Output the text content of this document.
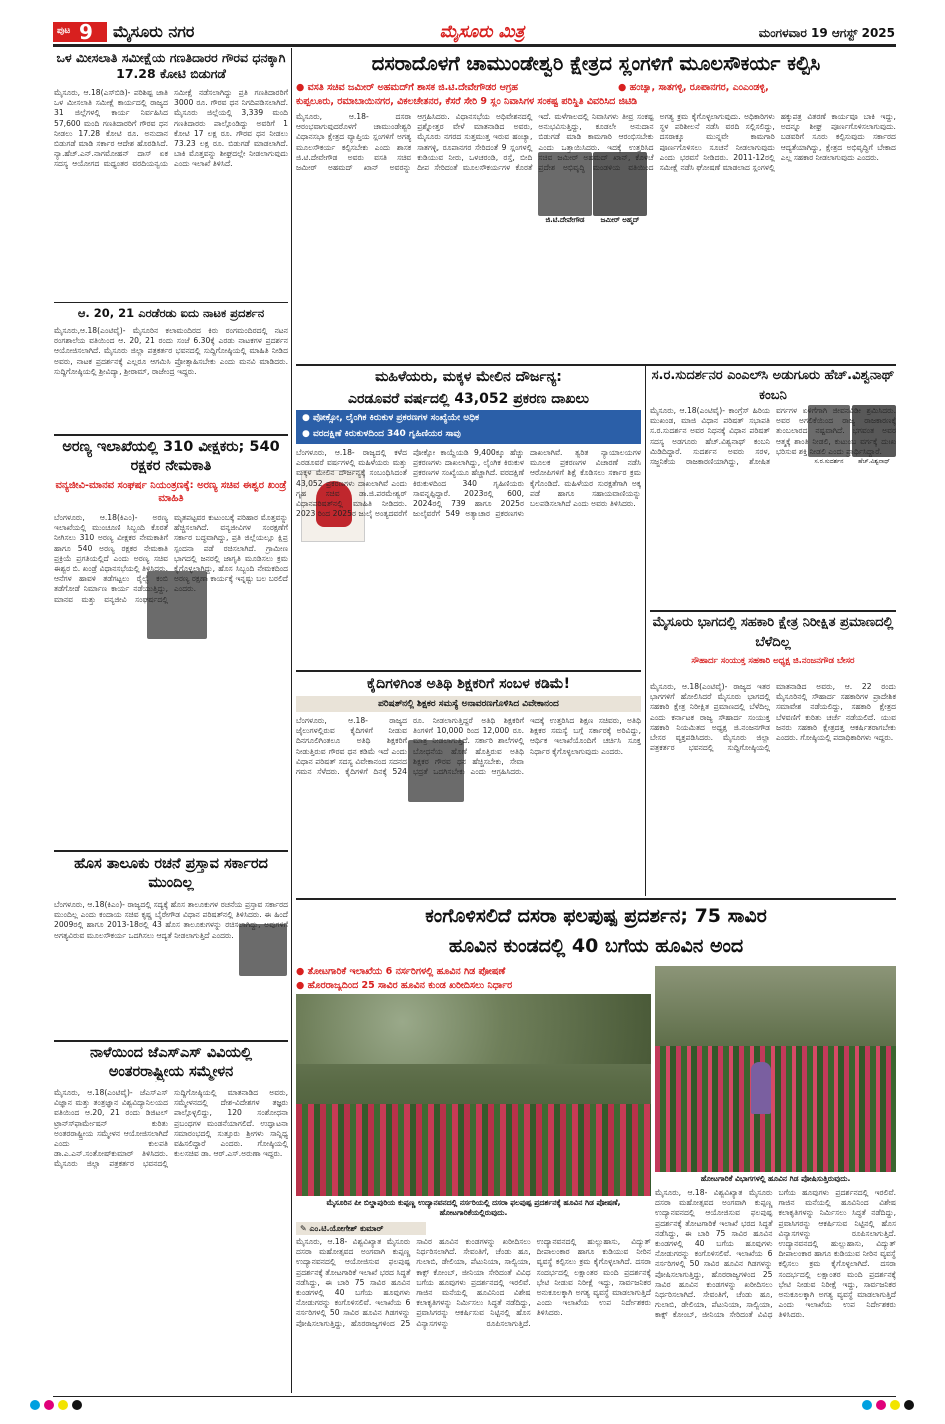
ಪುಟ 9 ಮೈಸೂರು ನಗರ	ಮೈಸೂರು ಮಿತ್ರ	ಮಂಗಳವಾರ 19 ಆಗಸ್ಟ್ 2025
ಒಳ ಮೀಸಲಾತಿ ಸಮೀಕ್ಷೆಯ ಗಣತಿದಾರರ ಗೌರವ ಧನಕ್ಕಾಗಿ 17.28 ಕೋಟಿ ಬಿಡುಗಡೆ
ಮೈಸೂರು, ಆ.18(ಎಸ್‍ಬಿಡಿ)- ಪರಿಶಿಷ್ಟ ಜಾತಿ ಒಳ ಮೀಸಲಾತಿ ಸಮೀಕ್ಷೆ ಕಾರ್ಯದಲ್ಲಿ ರಾಜ್ಯದ 31 ಜಿಲ್ಲೆಗಳಲ್ಲಿ ಕಾರ್ಯ ನಿರ್ವಹಿಸಿದ 57,600 ಮಂದಿ ಗಣತಿದಾರರಿಗೆ ಗೌರವ ಧನ ನೀಡಲು 17.28 ಕೋಟಿ ರೂ. ಅನುದಾನ ಬಿಡುಗಡೆ ಮಾಡಿ ಸರ್ಕಾರ ಆದೇಶ ಹೊರಡಿಸಿದೆ. ನ್ಯಾ.ಹೆಚ್.ಎನ್.ನಾಗಮೋಹನ್ ದಾಸ್ ಏಕ ಸದಸ್ಯ ಆಯೋಗದ ಮಧ್ಯಂತರ ವರದಿಯನ್ವಯ ಸಮೀಕ್ಷೆ ನಡೆಸಲಾಗಿದ್ದು ಪ್ರತಿ ಗಣತಿದಾರರಿಗೆ 3000 ರೂ. ಗೌರವ ಧನ ನಿಗದಿಪಡಿಸಲಾಗಿದೆ. ಮೈಸೂರು ಜಿಲ್ಲೆಯಲ್ಲಿ 3,339 ಮಂದಿ ಗಣತಿದಾರರು ಪಾಲ್ಗೊಂಡಿದ್ದು ಅವರಿಗೆ 1 ಕೋಟಿ 17 ಲಕ್ಷ ರೂ. ಗೌರವ ಧನ ನೀಡಲು 73.23 ಲಕ್ಷ ರೂ. ಬಿಡುಗಡೆ ಮಾಡಲಾಗಿದೆ. ಬಾಕಿ ಮೊತ್ತವನ್ನು ಶೀಘ್ರದಲ್ಲೇ ನೀಡಲಾಗುವುದು ಎಂದು ಇಲಾಖೆ ತಿಳಿಸಿದೆ.
ಆ. 20, 21 ಎರಡೆರಡು ಐದು ನಾಟಕ ಪ್ರದರ್ಶನ
ಮೈಸೂರು,ಆ.18(ಎಂಟಿವೈ)- ಮೈಸೂರಿನ ಕಲಾಮಂದಿರದ ಕಿರು ರಂಗಮಂದಿರದಲ್ಲಿ ನಟನ ರಂಗಶಾಲೆಯ ವತಿಯಿಂದ ಆ. 20, 21 ರಂದು ಸಂಜೆ 6.30ಕ್ಕೆ ಎರಡು ನಾಟಕಗಳ ಪ್ರದರ್ಶನ ಆಯೋಜಿಸಲಾಗಿದೆ. ಮೈಸೂರು ಜಿಲ್ಲಾ ಪತ್ರಕರ್ತರ ಭವನದಲ್ಲಿ ಸುದ್ದಿಗೋಷ್ಠಿಯಲ್ಲಿ ಮಾಹಿತಿ ನೀಡಿದ ಅವರು, ನಾಟಕ ಪ್ರದರ್ಶನಕ್ಕೆ ಎಲ್ಲರೂ ಆಗಮಿಸಿ ಪ್ರೋತ್ಸಾಹಿಸಬೇಕು ಎಂದು ಮನವಿ ಮಾಡಿದರು. ಸುದ್ದಿಗೋಷ್ಠಿಯಲ್ಲಿ ಶ್ರೀವಿದ್ಯಾ, ಶ್ರೀರಾಮ್, ರಾಜೇಂದ್ರ ಇದ್ದರು.
ಅರಣ್ಯ ಇಲಾಖೆಯಲ್ಲಿ 310 ವೀಕ್ಷಕರು; 540 ರಕ್ಷಕರ ನೇಮಕಾತಿ
ವನ್ಯಜೀವಿ-ಮಾನವ ಸಂಘರ್ಷ ನಿಯಂತ್ರಣಕ್ಕೆ: ಅರಣ್ಯ ಸಚಿವ ಈಶ್ವರ ಖಂಡ್ರೆ ಮಾಹಿತಿ
ಬೆಂಗಳೂರು, ಆ.18(ಕಿಎಂ)- ಅರಣ್ಯ ಇಲಾಖೆಯಲ್ಲಿ ಮುಂಚೂಣಿ ಸಿಬ್ಬಂದಿ ಕೊರತೆ ನೀಗಿಸಲು 310 ಅರಣ್ಯ ವೀಕ್ಷಕರ ನೇಮಕಾತಿಗೆ ಹಾಗೂ 540 ಅರಣ್ಯ ರಕ್ಷಕರ ನೇಮಕಾತಿ ಪ್ರಕ್ರಿಯೆ ಪ್ರಗತಿಯಲ್ಲಿದೆ ಎಂದು ಅರಣ್ಯ ಸಚಿವ ಈಶ್ವರ ಬಿ. ಖಂಡ್ರೆ ವಿಧಾನಸಭೆಯಲ್ಲಿ ತಿಳಿಸಿದರು. ಆನೆಗಳ ಹಾವಳಿ ತಡೆಗಟ್ಟಲು ರೈಲ್ವೆ ಕಂಬಿ ತಡೆಗೋಡೆ ನಿರ್ಮಾಣ ಕಾರ್ಯ ನಡೆಯುತ್ತಿದ್ದು, ಮಾನವ ಮತ್ತು ವನ್ಯಜೀವಿ ಸಂಘರ್ಷದಲ್ಲಿ ಮೃತಪಟ್ಟವರ ಕುಟುಂಬಕ್ಕೆ ಪರಿಹಾರ ಮೊತ್ತವನ್ನು ಹೆಚ್ಚಿಸಲಾಗಿದೆ. ವನ್ಯಜೀವಿಗಳ ಸಂರಕ್ಷಣೆಗೆ ಸರ್ಕಾರ ಬದ್ಧವಾಗಿದ್ದು, ಪ್ರತಿ ಜಿಲ್ಲೆಯಲ್ಲೂ ಕ್ಷಿಪ್ರ ಸ್ಪಂದನಾ ಪಡೆ ರಚಿಸಲಾಗಿದೆ. ಗ್ರಾಮೀಣ ಭಾಗದಲ್ಲಿ ಜನರಲ್ಲಿ ಜಾಗೃತಿ ಮೂಡಿಸಲು ಕ್ರಮ ಕೈಗೊಳ್ಳಲಾಗಿದ್ದು, ಹೊಸ ಸಿಬ್ಬಂದಿ ನೇಮಕದಿಂದ ಅರಣ್ಯ ರಕ್ಷಣಾ ಕಾರ್ಯಕ್ಕೆ ಇನ್ನಷ್ಟು ಬಲ ಬರಲಿದೆ ಎಂದರು.
ಹೊಸ ತಾಲೂಕು ರಚನೆ ಪ್ರಸ್ತಾವ ಸರ್ಕಾರದ ಮುಂದಿಲ್ಲ
ಬೆಂಗಳೂರು, ಆ.18(ಕಿಎಂ)- ರಾಜ್ಯದಲ್ಲಿ ಸದ್ಯಕ್ಕೆ ಹೊಸ ತಾಲೂಕುಗಳ ರಚನೆಯ ಪ್ರಸ್ತಾವ ಸರ್ಕಾರದ ಮುಂದಿಲ್ಲ ಎಂದು ಕಂದಾಯ ಸಚಿವ ಕೃಷ್ಣ ಬೈರೇಗೌಡ ವಿಧಾನ ಪರಿಷತ್‍ನಲ್ಲಿ ತಿಳಿಸಿದರು. ಈ ಹಿಂದೆ 2009ರಲ್ಲಿ ಹಾಗೂ 2013-18ರಲ್ಲಿ 43 ಹೊಸ ತಾಲೂಕುಗಳನ್ನು ರಚಿಸಲಾಗಿದ್ದು, ಅವುಗಳಿಗೆ ಅಗತ್ಯವಿರುವ ಮೂಲಸೌಕರ್ಯ ಒದಗಿಸಲು ಆದ್ಯತೆ ನೀಡಲಾಗುತ್ತಿದೆ ಎಂದರು.
ನಾಳೆಯಿಂದ ಜೆಎಸ್‍ಎಸ್ ವಿವಿಯಲ್ಲಿ ಅಂತರರಾಷ್ಟ್ರೀಯ ಸಮ್ಮೇಳನ
ಮೈಸೂರು, ಆ.18(ಎಂಟಿವೈ)- ಜೆಎಸ್‍ಎಸ್ ವಿಜ್ಞಾನ ಮತ್ತು ತಂತ್ರಜ್ಞಾನ ವಿಶ್ವವಿದ್ಯಾನಿಲಯದ ವತಿಯಿಂದ ಆ.20, 21 ರಂದು ಡಿಜಿಟಲ್ ಟ್ರಾನ್ಸ್‍ಫಾರ್ಮೇಷನ್ ಕುರಿತು ಅಂತರರಾಷ್ಟ್ರೀಯ ಸಮ್ಮೇಳನ ಆಯೋಜಿಸಲಾಗಿದೆ ಎಂದು ಕುಲಪತಿ ಡಾ.ಎ.ಎನ್.ಸಂತೋಷ್‍ಕುಮಾರ್ ತಿಳಿಸಿದರು. ಮೈಸೂರು ಜಿಲ್ಲಾ ಪತ್ರಕರ್ತರ ಭವನದಲ್ಲಿ ಸುದ್ದಿಗೋಷ್ಠಿಯಲ್ಲಿ ಮಾತನಾಡಿದ ಅವರು, ಸಮ್ಮೇಳನದಲ್ಲಿ ದೇಶ-ವಿದೇಶಗಳ ತಜ್ಞರು ಪಾಲ್ಗೊಳ್ಳಲಿದ್ದು, 120 ಸಂಶೋಧನಾ ಪ್ರಬಂಧಗಳ ಮಂಡನೆಯಾಗಲಿದೆ. ಉದ್ಘಾಟನಾ ಸಮಾರಂಭದಲ್ಲಿ ಸುತ್ತೂರು ಶ್ರೀಗಳು ಸಾನ್ನಿಧ್ಯ ವಹಿಸಲಿದ್ದಾರೆ ಎಂದರು. ಗೋಷ್ಠಿಯಲ್ಲಿ ಕುಲಸಚಿವ ಡಾ. ಆರ್.ಎಸ್.ಅರುಣಾ ಇದ್ದರು.
ದಸರಾದೊಳಗೆ ಚಾಮುಂಡೇಶ್ವರಿ ಕ್ಷೇತ್ರದ ಸ್ಲಂಗಳಿಗೆ ಮೂಲಸೌಕರ್ಯ ಕಲ್ಪಿಸಿ
● ವಸತಿ ಸಚಿವ ಜಮೀರ್ ಅಹಮದ್‍ಗೆ ಶಾಸಕ ಜಿ.ಟಿ.ದೇವೇಗೌಡರ ಆಗ್ರಹ	● ಹಂಚ್ಯಾ, ಸಾತಗಳ್ಳಿ, ರೂಪಾನಗರ, ಎಂಎಂಡಳ್ಳಿ,
ಕುಪ್ಪಲೂರು, ರಮಾಬಾಯಿನಗರ, ವಿಕಲಚೇತನರ, ಕೆಸರೆ ಸೇರಿ 9 ಸ್ಲಂ ನಿವಾಸಿಗಳ ಸಂಕಷ್ಟ ಪರಿಸ್ಥಿತಿ ವಿವರಿಸಿದ ಜಿಟಿಡಿ
ಜಿ.ಟಿ.ದೇವೇಗೌಡ	ಜಮೀರ್ ಅಹ್ಮದ್
ಮೈಸೂರು, ಆ.18- ದಸರಾ ಆರಂಭವಾಗುವುದರೊಳಗೆ ಚಾಮುಂಡೇಶ್ವರಿ ವಿಧಾನಸಭಾ ಕ್ಷೇತ್ರದ ವ್ಯಾಪ್ತಿಯ ಸ್ಲಂಗಳಿಗೆ ಅಗತ್ಯ ಮೂಲಸೌಕರ್ಯ ಕಲ್ಪಿಸಬೇಕು ಎಂದು ಶಾಸಕ ಜಿ.ಟಿ.ದೇವೇಗೌಡ ಅವರು ವಸತಿ ಸಚಿವ ಜಮೀರ್ ಅಹಮದ್ ಖಾನ್ ಅವರನ್ನು ಆಗ್ರಹಿಸಿದರು. ವಿಧಾನಸಭೆಯ ಅಧಿವೇಶನದಲ್ಲಿ ಪ್ರಶ್ನೋತ್ತರ ವೇಳೆ ಮಾತನಾಡಿದ ಅವರು, ಮೈಸೂರು ನಗರದ ಸುತ್ತಮುತ್ತ ಇರುವ ಹಂಚ್ಯಾ, ಸಾತಗಳ್ಳಿ, ರೂಪಾನಗರ ಸೇರಿದಂತೆ 9 ಸ್ಲಂಗಳಲ್ಲಿ ಕುಡಿಯುವ ನೀರು, ಒಳಚರಂಡಿ, ರಸ್ತೆ, ಬೀದಿ ದೀಪ ಸೇರಿದಂತೆ ಮೂಲಸೌಕರ್ಯಗಳ ಕೊರತೆ ಇದೆ. ಮಳೆಗಾಲದಲ್ಲಿ ನಿವಾಸಿಗಳು ತೀವ್ರ ಸಂಕಷ್ಟ ಅನುಭವಿಸುತ್ತಿದ್ದು, ಕೂಡಲೇ ಅನುದಾನ ಬಿಡುಗಡೆ ಮಾಡಿ ಕಾಮಗಾರಿ ಆರಂಭಿಸಬೇಕು ಎಂದು ಒತ್ತಾಯಿಸಿದರು. ಇದಕ್ಕೆ ಉತ್ತರಿಸಿದ ಸಚಿವ ಜಮೀರ್ ಅಹಮದ್ ಖಾನ್, ಕೊಳಚೆ ಪ್ರದೇಶ ಅಭಿವೃದ್ಧಿ ಮಂಡಳಿಯ ವತಿಯಿಂದ ಅಗತ್ಯ ಕ್ರಮ ಕೈಗೊಳ್ಳಲಾಗುವುದು. ಅಧಿಕಾರಿಗಳು ಸ್ಥಳ ಪರಿಶೀಲನೆ ನಡೆಸಿ ವರದಿ ಸಲ್ಲಿಸಲಿದ್ದು, ದಸರಾಕ್ಕೂ ಮುನ್ನವೇ ಕಾಮಗಾರಿ ಪೂರ್ಣಗೊಳಿಸಲು ಸೂಚನೆ ನೀಡಲಾಗುವುದು ಎಂದು ಭರವಸೆ ನೀಡಿದರು. 2011-12ರಲ್ಲಿ ಸಮೀಕ್ಷೆ ನಡೆಸಿ ಘೋಷಣೆ ಮಾಡಲಾದ ಸ್ಲಂಗಳಲ್ಲಿ ಹಕ್ಕುಪತ್ರ ವಿತರಣೆ ಕಾರ್ಯವೂ ಬಾಕಿ ಇದ್ದು, ಅದನ್ನೂ ಶೀಘ್ರ ಪೂರ್ಣಗೊಳಿಸಲಾಗುವುದು. ಬಡವರಿಗೆ ಸೂರು ಕಲ್ಪಿಸುವುದು ಸರ್ಕಾರದ ಆದ್ಯತೆಯಾಗಿದ್ದು, ಕ್ಷೇತ್ರದ ಅಭಿವೃದ್ಧಿಗೆ ಬೇಕಾದ ಎಲ್ಲ ಸಹಕಾರ ನೀಡಲಾಗುವುದು ಎಂದರು.
ಮಹಿಳೆಯರು, ಮಕ್ಕಳ ಮೇಲಿನ ದೌರ್ಜನ್ಯ:
ಎರಡೂವರೆ ವರ್ಷದಲ್ಲಿ 43,052 ಪ್ರಕರಣ ದಾಖಲು
● ಪೋಕ್ಸೋ, ಲೈಂಗಿಕ ಕಿರುಕುಳ ಪ್ರಕರಣಗಳ ಸಂಖ್ಯೆಯೇ ಅಧಿಕ
● ವರದಕ್ಷಿಣೆ ಕಿರುಕುಳದಿಂದ 340 ಗೃಹಿಣಿಯರ ಸಾವು
ಬೆಂಗಳೂರು, ಆ.18- ರಾಜ್ಯದಲ್ಲಿ ಕಳೆದ ಎರಡೂವರೆ ವರ್ಷಗಳಲ್ಲಿ ಮಹಿಳೆಯರು ಮತ್ತು ಮಕ್ಕಳ ಮೇಲಿನ ದೌರ್ಜನ್ಯಕ್ಕೆ ಸಂಬಂಧಿಸಿದಂತೆ 43,052 ಪ್ರಕರಣಗಳು ದಾಖಲಾಗಿವೆ ಎಂದು ಗೃಹ ಸಚಿವ ಡಾ.ಜಿ.ಪರಮೇಶ್ವರ್ ವಿಧಾನಪರಿಷತ್‍ನಲ್ಲಿ ಮಾಹಿತಿ ನೀಡಿದರು. 2023 ರಿಂದ 2025ರ ಜುಲೈ ಅಂತ್ಯದವರೆಗೆ ಪೋಕ್ಸೋ ಕಾಯ್ದೆಯಡಿ 9,400ಕ್ಕೂ ಹೆಚ್ಚು ಪ್ರಕರಣಗಳು ದಾಖಲಾಗಿದ್ದು, ಲೈಂಗಿಕ ಕಿರುಕುಳ ಪ್ರಕರಣಗಳ ಸಂಖ್ಯೆಯೂ ಹೆಚ್ಚಾಗಿದೆ. ವರದಕ್ಷಿಣೆ ಕಿರುಕುಳದಿಂದ 340 ಗೃಹಿಣಿಯರು ಸಾವನ್ನಪ್ಪಿದ್ದಾರೆ. 2023ರಲ್ಲಿ 600, 2024ರಲ್ಲಿ 739 ಹಾಗೂ 2025ರ ಜುಲೈವರೆಗೆ 549 ಅತ್ಯಾಚಾರ ಪ್ರಕರಣಗಳು ದಾಖಲಾಗಿವೆ. ತ್ವರಿತ ನ್ಯಾಯಾಲಯಗಳ ಮೂಲಕ ಪ್ರಕರಣಗಳ ವಿಚಾರಣೆ ನಡೆಸಿ ಆರೋಪಿಗಳಿಗೆ ಶಿಕ್ಷೆ ಕೊಡಿಸಲು ಸರ್ಕಾರ ಕ್ರಮ ಕೈಗೊಂಡಿದೆ. ಮಹಿಳೆಯರ ಸುರಕ್ಷತೆಗಾಗಿ ಅಕ್ಕ ಪಡೆ ಹಾಗೂ ಸಹಾಯವಾಣಿಯನ್ನು ಬಲಪಡಿಸಲಾಗಿದೆ ಎಂದು ಅವರು ತಿಳಿಸಿದರು.
ಕೈದಿಗಳಿಗಿಂತ ಅತಿಥಿ ಶಿಕ್ಷಕರಿಗೆ ಸಂಬಳ ಕಡಿಮೆ!
ಪರಿಷತ್‍ನಲ್ಲಿ ಶಿಕ್ಷಕರ ಸಮಸ್ಯೆ ಅನಾವರಣಗೊಳಿಸಿದ ವಿವೇಕಾನಂದ
ಬೆಂಗಳೂರು, ಆ.18- ರಾಜ್ಯದ ಜೈಲುಗಳಲ್ಲಿರುವ ಕೈದಿಗಳಿಗೆ ನೀಡುವ ದಿನಗೂಲಿಗಿಂತಲೂ ಅತಿಥಿ ಶಿಕ್ಷಕರಿಗೆ ನೀಡುತ್ತಿರುವ ಗೌರವ ಧನ ಕಡಿಮೆ ಇದೆ ಎಂದು ವಿಧಾನ ಪರಿಷತ್ ಸದಸ್ಯ ವಿವೇಕಾನಂದ ಸದನದ ಗಮನ ಸೆಳೆದರು. ಕೈದಿಗಳಿಗೆ ದಿನಕ್ಕೆ 524 ರೂ. ನೀಡಲಾಗುತ್ತಿದ್ದರೆ ಅತಿಥಿ ಶಿಕ್ಷಕರಿಗೆ ತಿಂಗಳಿಗೆ 10,000 ರಿಂದ 12,000 ರೂ. ಮಾತ್ರ ನೀಡಲಾಗುತ್ತಿದೆ. ಸರ್ಕಾರಿ ಶಾಲೆಗಳಲ್ಲಿ ಬೋಧನೆಯ ಹೊಣೆ ಹೊತ್ತಿರುವ ಅತಿಥಿ ಶಿಕ್ಷಕರ ಗೌರವ ಧನ ಹೆಚ್ಚಿಸಬೇಕು, ಸೇವಾ ಭದ್ರತೆ ಒದಗಿಸಬೇಕು ಎಂದು ಆಗ್ರಹಿಸಿದರು. ಇದಕ್ಕೆ ಉತ್ತರಿಸಿದ ಶಿಕ್ಷಣ ಸಚಿವರು, ಅತಿಥಿ ಶಿಕ್ಷಕರ ಸಮಸ್ಯೆ ಬಗ್ಗೆ ಸರ್ಕಾರಕ್ಕೆ ಅರಿವಿದ್ದು, ಆರ್ಥಿಕ ಇಲಾಖೆಯೊಂದಿಗೆ ಚರ್ಚಿಸಿ ಸೂಕ್ತ ನಿರ್ಧಾರ ಕೈಗೊಳ್ಳಲಾಗುವುದು ಎಂದರು.
ಸ.ರ.ಸುದರ್ಶನರ ಎಂಎಲ್‍ಸಿ ಅಡುಗೂರು ಹೆಚ್.ವಿಶ್ವನಾಥ್ ಕಂಬನಿ
ಸ.ರ.ಸುದರ್ಶನ	ಹೆಚ್.ವಿಶ್ವನಾಥ್
ಮೈಸೂರು, ಆ.18(ಎಂಟಿವೈ)- ಕಾಂಗ್ರೆಸ್ ಹಿರಿಯ ಮುಖಂಡ, ಮಾಜಿ ವಿಧಾನ ಪರಿಷತ್ ಸಭಾಪತಿ ಸ.ರ.ಸುದರ್ಶನ ಅವರ ನಿಧನಕ್ಕೆ ವಿಧಾನ ಪರಿಷತ್ ಸದಸ್ಯ ಅಡಗೂರು ಹೆಚ್.ವಿಶ್ವನಾಥ್ ಕಂಬನಿ ಮಿಡಿದಿದ್ದಾರೆ. ಸುದರ್ಶನ ಅವರು ಸರಳ, ಸಜ್ಜನಿಕೆಯ ರಾಜಕಾರಣಿಯಾಗಿದ್ದು, ಶೋಷಿತ ವರ್ಗಗಳ ಏಳಿಗೆಗಾಗಿ ಜೀವನವಿಡೀ ಶ್ರಮಿಸಿದರು. ಅವರ ಅಗಲಿಕೆಯಿಂದ ರಾಜ್ಯ ರಾಜಕಾರಣಕ್ಕೆ ತುಂಬಲಾರದ ನಷ್ಟವಾಗಿದೆ. ಭಗವಂತ ಅವರ ಆತ್ಮಕ್ಕೆ ಶಾಂತಿ ನೀಡಲಿ, ಕುಟುಂಬ ವರ್ಗಕ್ಕೆ ದುಃಖ ಭರಿಸುವ ಶಕ್ತಿ ನೀಡಲಿ ಎಂದು ಪ್ರಾರ್ಥಿಸಿದ್ದಾರೆ.
ಮೈಸೂರು ಭಾಗದಲ್ಲಿ ಸಹಕಾರಿ ಕ್ಷೇತ್ರ ನಿರೀಕ್ಷಿತ ಪ್ರಮಾಣದಲ್ಲಿ ಬೆಳೆದಿಲ್ಲ
ಸೌಹಾರ್ದ ಸಂಯುಕ್ತ ಸಹಕಾರಿ ಅಧ್ಯಕ್ಷ ಜಿ.ನಂಜನಗೌಡ ಬೇಸರ
ಮೈಸೂರು, ಆ.18(ಎಂಟಿವೈ)- ರಾಜ್ಯದ ಇತರ ಭಾಗಗಳಿಗೆ ಹೋಲಿಸಿದರೆ ಮೈಸೂರು ಭಾಗದಲ್ಲಿ ಸಹಕಾರಿ ಕ್ಷೇತ್ರ ನಿರೀಕ್ಷಿತ ಪ್ರಮಾಣದಲ್ಲಿ ಬೆಳೆದಿಲ್ಲ ಎಂದು ಕರ್ನಾಟಕ ರಾಜ್ಯ ಸೌಹಾರ್ದ ಸಂಯುಕ್ತ ಸಹಕಾರಿ ನಿಯಮಿತದ ಅಧ್ಯಕ್ಷ ಜಿ.ನಂಜನಗೌಡ ಬೇಸರ ವ್ಯಕ್ತಪಡಿಸಿದರು. ಮೈಸೂರು ಜಿಲ್ಲಾ ಪತ್ರಕರ್ತರ ಭವನದಲ್ಲಿ ಸುದ್ದಿಗೋಷ್ಠಿಯಲ್ಲಿ ಮಾತನಾಡಿದ ಅವರು, ಆ. 22 ರಂದು ಮೈಸೂರಿನಲ್ಲಿ ಸೌಹಾರ್ದ ಸಹಕಾರಿಗಳ ಪ್ರಾದೇಶಿಕ ಸಮಾವೇಶ ನಡೆಯಲಿದ್ದು, ಸಹಕಾರಿ ಕ್ಷೇತ್ರದ ಬೆಳವಣಿಗೆ ಕುರಿತು ಚರ್ಚೆ ನಡೆಯಲಿದೆ. ಯುವ ಜನರು ಸಹಕಾರಿ ಕ್ಷೇತ್ರದತ್ತ ಆಕರ್ಷಿತರಾಗಬೇಕು ಎಂದರು. ಗೋಷ್ಠಿಯಲ್ಲಿ ಪದಾಧಿಕಾರಿಗಳು ಇದ್ದರು.
ಕಂಗೊಳಿಸಲಿದೆ ದಸರಾ ಫಲಪುಷ್ಪ ಪ್ರದರ್ಶನ; 75 ಸಾವಿರ
ಹೂವಿನ ಕುಂಡದಲ್ಲಿ 40 ಬಗೆಯ ಹೂವಿನ ಅಂದ
● ತೋಟಗಾರಿಕೆ ಇಲಾಖೆಯ 6 ನರ್ಸರಿಗಳಲ್ಲಿ ಹೂವಿನ ಗಿಡ ಪೋಷಣೆ
● ಹೊರರಾಜ್ಯದಿಂದ 25 ಸಾವಿರ ಹೂವಿನ ಕುಂಡ ಖರೀದಿಸಲು ನಿರ್ಧಾರ
ಮೈಸೂರಿನ ಪೀ ಬಿಲ್ಡಾಪುರಿಯ ಕುಪ್ಪಣ್ಣ ಉದ್ಯಾನವನದಲ್ಲಿ ನರ್ಸರಿಯಲ್ಲಿ ದಸರಾ ಫಲಪುಷ್ಪ ಪ್ರದರ್ಶನಕ್ಕೆ ಹೂವಿನ ಗಿಡ ಪೋಷಣೆ, ಹೋಟಗಾರಿಕೆಯಲ್ಲಿರುವುದು.
ಹೋಟಗಾರಿಕೆ ವಿಭಾಗಗಳಲ್ಲಿ ಹೂವಿನ ಗಿಡ ಪೋಷಿಸುತ್ತಿರುವುದು.
✎ ಎಂ.ಟಿ.ಯೋಗೇಶ್ ಕುಮಾರ್
ಮೈಸೂರು, ಆ.18- ವಿಶ್ವವಿಖ್ಯಾತ ಮೈಸೂರು ದಸರಾ ಮಹೋತ್ಸವದ ಅಂಗವಾಗಿ ಕುಪ್ಪಣ್ಣ ಉದ್ಯಾನವನದಲ್ಲಿ ಆಯೋಜಿಸುವ ಫಲಪುಷ್ಪ ಪ್ರದರ್ಶನಕ್ಕೆ ತೋಟಗಾರಿಕೆ ಇಲಾಖೆ ಭರದ ಸಿದ್ಧತೆ ನಡೆಸಿದ್ದು, ಈ ಬಾರಿ 75 ಸಾವಿರ ಹೂವಿನ ಕುಂಡಗಳಲ್ಲಿ 40 ಬಗೆಯ ಹೂವುಗಳು ನೋಡುಗರನ್ನು ಕಂಗೊಳಿಸಲಿವೆ. ಇಲಾಖೆಯ 6 ನರ್ಸರಿಗಳಲ್ಲಿ 50 ಸಾವಿರ ಹೂವಿನ ಗಿಡಗಳನ್ನು ಪೋಷಿಸಲಾಗುತ್ತಿದ್ದು, ಹೊರರಾಜ್ಯಗಳಿಂದ 25 ಸಾವಿರ ಹೂವಿನ ಕುಂಡಗಳನ್ನು ಖರೀದಿಸಲು ನಿರ್ಧರಿಸಲಾಗಿದೆ. ಸೇವಂತಿಗೆ, ಚೆಂಡು ಹೂ, ಗುಲಾಬಿ, ಡೇಲಿಯಾ, ಪೆಟುನಿಯಾ, ಸಾಲ್ವಿಯಾ, ಕಾಕ್ಸ್ ಕೋಂಬ್, ಜೀನಿಯಾ ಸೇರಿದಂತೆ ವಿವಿಧ ಬಗೆಯ ಹೂವುಗಳು ಪ್ರದರ್ಶನದಲ್ಲಿ ಇರಲಿವೆ. ಗಾಜಿನ ಮನೆಯಲ್ಲಿ ಹೂವಿನಿಂದ ವಿಶೇಷ ಕಲಾಕೃತಿಗಳನ್ನು ನಿರ್ಮಿಸಲು ಸಿದ್ಧತೆ ನಡೆದಿದ್ದು, ಪ್ರವಾಸಿಗರನ್ನು ಆಕರ್ಷಿಸುವ ನಿಟ್ಟಿನಲ್ಲಿ ಹೊಸ ವಿನ್ಯಾಸಗಳನ್ನು ರೂಪಿಸಲಾಗುತ್ತಿದೆ. ಉದ್ಯಾನವನದಲ್ಲಿ ಹುಲ್ಲುಹಾಸು, ವಿದ್ಯುತ್ ದೀಪಾಲಂಕಾರ ಹಾಗೂ ಕುಡಿಯುವ ನೀರಿನ ವ್ಯವಸ್ಥೆ ಕಲ್ಪಿಸಲು ಕ್ರಮ ಕೈಗೊಳ್ಳಲಾಗಿದೆ. ದಸರಾ ಸಂದರ್ಭದಲ್ಲಿ ಲಕ್ಷಾಂತರ ಮಂದಿ ಪ್ರದರ್ಶನಕ್ಕೆ ಭೇಟಿ ನೀಡುವ ನಿರೀಕ್ಷೆ ಇದ್ದು, ಸಾರ್ವಜನಿಕರ ಅನುಕೂಲಕ್ಕಾಗಿ ಅಗತ್ಯ ವ್ಯವಸ್ಥೆ ಮಾಡಲಾಗುತ್ತಿದೆ ಎಂದು ಇಲಾಖೆಯ ಉಪ ನಿರ್ದೇಶಕರು ತಿಳಿಸಿದರು.
ಮೈಸೂರು, ಆ.18- ವಿಶ್ವವಿಖ್ಯಾತ ಮೈಸೂರು ದಸರಾ ಮಹೋತ್ಸವದ ಅಂಗವಾಗಿ ಕುಪ್ಪಣ್ಣ ಉದ್ಯಾನವನದಲ್ಲಿ ಆಯೋಜಿಸುವ ಫಲಪುಷ್ಪ ಪ್ರದರ್ಶನಕ್ಕೆ ತೋಟಗಾರಿಕೆ ಇಲಾಖೆ ಭರದ ಸಿದ್ಧತೆ ನಡೆಸಿದ್ದು, ಈ ಬಾರಿ 75 ಸಾವಿರ ಹೂವಿನ ಕುಂಡಗಳಲ್ಲಿ 40 ಬಗೆಯ ಹೂವುಗಳು ನೋಡುಗರನ್ನು ಕಂಗೊಳಿಸಲಿವೆ. ಇಲಾಖೆಯ 6 ನರ್ಸರಿಗಳಲ್ಲಿ 50 ಸಾವಿರ ಹೂವಿನ ಗಿಡಗಳನ್ನು ಪೋಷಿಸಲಾಗುತ್ತಿದ್ದು, ಹೊರರಾಜ್ಯಗಳಿಂದ 25 ಸಾವಿರ ಹೂವಿನ ಕುಂಡಗಳನ್ನು ಖರೀದಿಸಲು ನಿರ್ಧರಿಸಲಾಗಿದೆ. ಸೇವಂತಿಗೆ, ಚೆಂಡು ಹೂ, ಗುಲಾಬಿ, ಡೇಲಿಯಾ, ಪೆಟುನಿಯಾ, ಸಾಲ್ವಿಯಾ, ಕಾಕ್ಸ್ ಕೋಂಬ್, ಜೀನಿಯಾ ಸೇರಿದಂತೆ ವಿವಿಧ ಬಗೆಯ ಹೂವುಗಳು ಪ್ರದರ್ಶನದಲ್ಲಿ ಇರಲಿವೆ. ಗಾಜಿನ ಮನೆಯಲ್ಲಿ ಹೂವಿನಿಂದ ವಿಶೇಷ ಕಲಾಕೃತಿಗಳನ್ನು ನಿರ್ಮಿಸಲು ಸಿದ್ಧತೆ ನಡೆದಿದ್ದು, ಪ್ರವಾಸಿಗರನ್ನು ಆಕರ್ಷಿಸುವ ನಿಟ್ಟಿನಲ್ಲಿ ಹೊಸ ವಿನ್ಯಾಸಗಳನ್ನು ರೂಪಿಸಲಾಗುತ್ತಿದೆ. ಉದ್ಯಾನವನದಲ್ಲಿ ಹುಲ್ಲುಹಾಸು, ವಿದ್ಯುತ್ ದೀಪಾಲಂಕಾರ ಹಾಗೂ ಕುಡಿಯುವ ನೀರಿನ ವ್ಯವಸ್ಥೆ ಕಲ್ಪಿಸಲು ಕ್ರಮ ಕೈಗೊಳ್ಳಲಾಗಿದೆ. ದಸರಾ ಸಂದರ್ಭದಲ್ಲಿ ಲಕ್ಷಾಂತರ ಮಂದಿ ಪ್ರದರ್ಶನಕ್ಕೆ ಭೇಟಿ ನೀಡುವ ನಿರೀಕ್ಷೆ ಇದ್ದು, ಸಾರ್ವಜನಿಕರ ಅನುಕೂಲಕ್ಕಾಗಿ ಅಗತ್ಯ ವ್ಯವಸ್ಥೆ ಮಾಡಲಾಗುತ್ತಿದೆ ಎಂದು ಇಲಾಖೆಯ ಉಪ ನಿರ್ದೇಶಕರು ತಿಳಿಸಿದರು.
